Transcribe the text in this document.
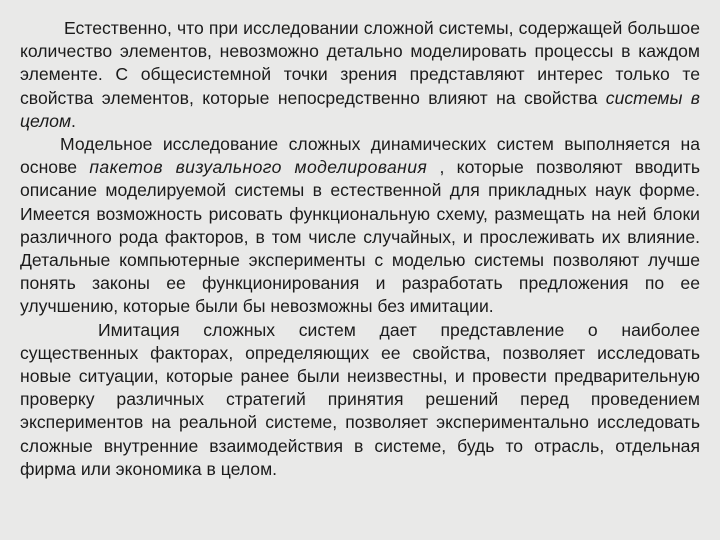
Естественно, что при исследовании сложной системы, содержащей большое количество элементов, невозможно детально моделировать процессы в каждом элементе. С общесистемной точки зрения представляют интерес только те свойства элементов, которые непосредственно влияют на свойства системы в целом.

Модельное исследование сложных динамических систем выполняется на основе пакетов визуального моделирования , которые позволяют вводить описание моделируемой системы в естественной для прикладных наук форме. Имеется возможность рисовать функциональную схему, размещать на ней блоки различного рода факторов, в том числе случайных, и прослеживать их влияние. Детальные компьютерные эксперименты с моделью системы позволяют лучше понять законы ее функционирования и разработать предложения по ее улучшению, которые были бы невозможны без имитации.

Имитация сложных систем дает представление о наиболее существенных факторах, определяющих ее свойства, позволяет исследовать новые ситуации, которые ранее были неизвестны, и провести предварительную проверку различных стратегий принятия решений перед проведением экспериментов на реальной системе, позволяет экспериментально исследовать сложные внутренние взаимодействия в системе, будь то отрасль, отдельная фирма или экономика в целом.
